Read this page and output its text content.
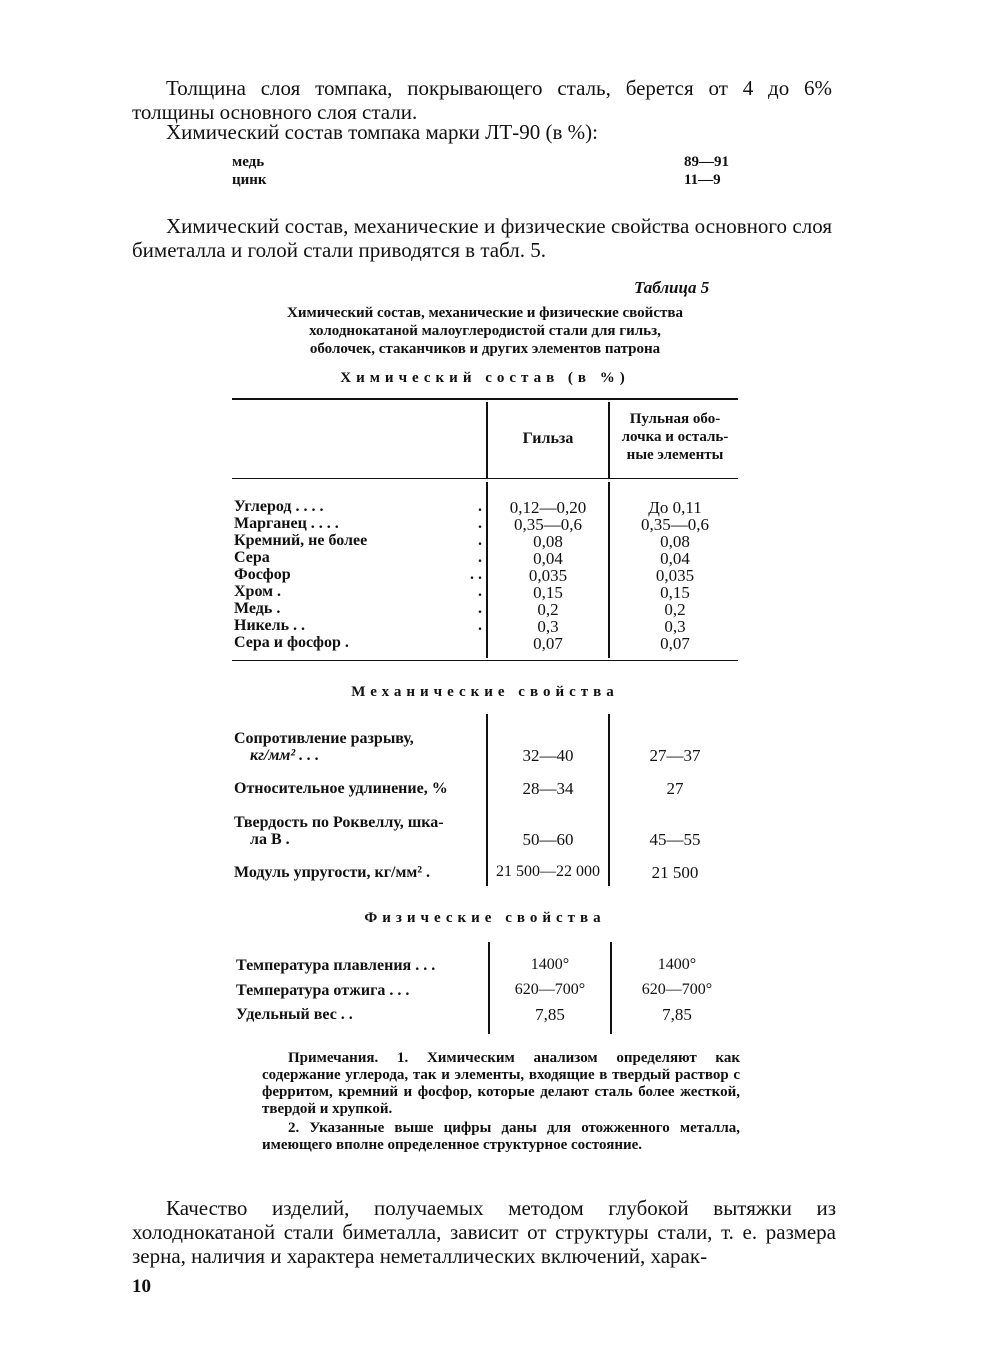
Толщина слоя томпака, покрывающего сталь, берется от 4 до 6% толщины основного слоя стали.
Химический состав томпака марки ЛТ-90 (в %):
медь	89—91
цинк	11—9
Химический состав, механические и физические свойства основного слоя биметалла и голой стали приводятся в табл. 5.
Таблица 5
Химический состав, механические и физические свойства
холоднокатаной малоуглеродистой стали для гильз,
оболочек, стаканчиков и других элементов патрона
Химический состав (в %)
Гильза
Пульная обо-
лочка и осталь-
ные элементы
Углерод . . . .	.	0,12—0,20	До 0,11
Марганец . . . .	.	0,35—0,6	0,35—0,6
Кремний, не более	.	0,08	0,08
Сера	.	0,04	0,04
Фосфор	. .	0,035	0,035
Хром .	.	0,15	0,15
Медь .	.	0,2	0,2
Никель . .	.	0,3	0,3
Сера и фосфор .	0,07	0,07
Механические свойства
Сопротивление разрыву,
кг/мм² . . .	32—40	27—37
Относительное удлинение, %	28—34	27
Твердость по Роквеллу, шка-
ла B .	50—60	45—55
Модуль упругости, кг/мм² .	21 500—22 000	21 500
Физические свойства
Температура плавления . . .	1400°	1400°
Температура отжига . . .	620—700°	620—700°
Удельный вес . .	7,85	7,85
Примечания. 1. Химическим анализом определяют как содержание углерода, так и элементы, входящие в твердый раствор с ферритом, кремний и фосфор, которые делают сталь более жесткой, твердой и хрупкой.
2. Указанные выше цифры даны для отожженного металла, имеющего вполне определенное структурное состояние.
Качество изделий, получаемых методом глубокой вытяжки из холоднокатаной стали биметалла, зависит от структуры стали, т. е. размера зерна, наличия и характера неметаллических включений, харак-
10
